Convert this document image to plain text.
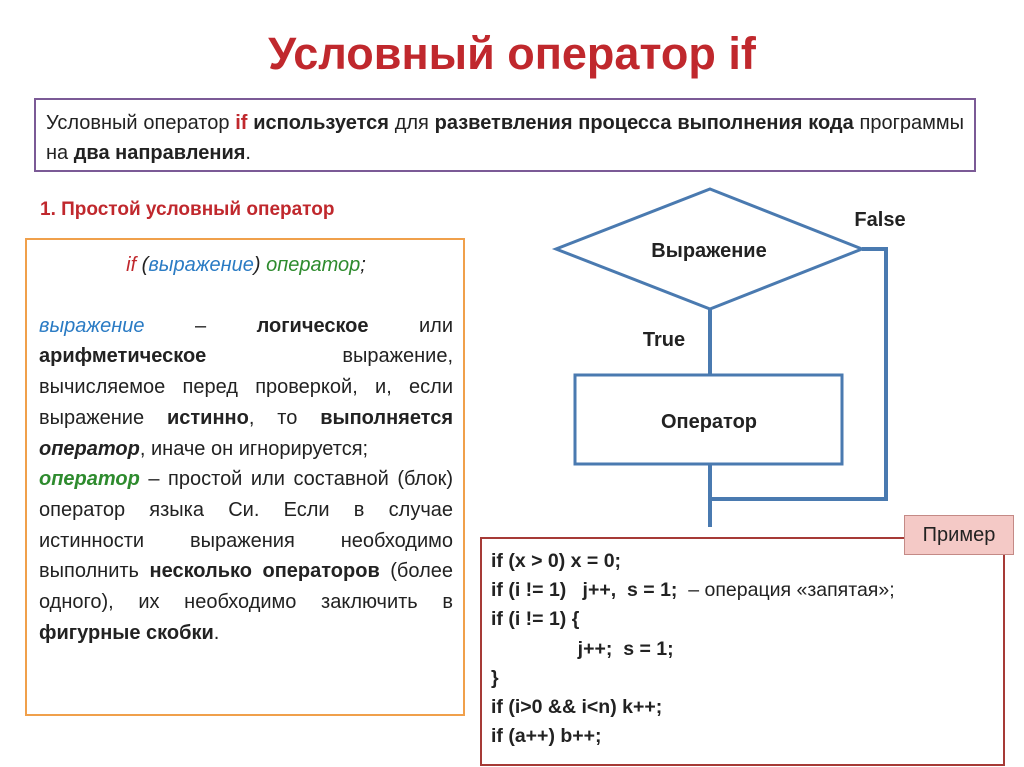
Условный оператор if

Условный оператор if используется для разветвления процесса выполнения кода программы на два направления.

1. Простой условный оператор

if (выражение) оператор;

выражение – логическое или арифметическое выражение, вычисляемое перед проверкой, и, если выражение истинно, то выполняется оператор, иначе он игнорируется;

оператор – простой или составной (блок) оператор языка Си. Если в случае истинности выражения необходимо выполнить несколько операторов (более одного), их необходимо заключить в фигурные скобки.

Выражение
True
Оператор
False
if (x > 0) x = 0;
if (i != 1)   j++,  s = 1;  – операция «запятая»;
if (i != 1) {
j++;  s = 1;
}
if (i>0 && i<n) k++;
if (a++) b++;
Пример
